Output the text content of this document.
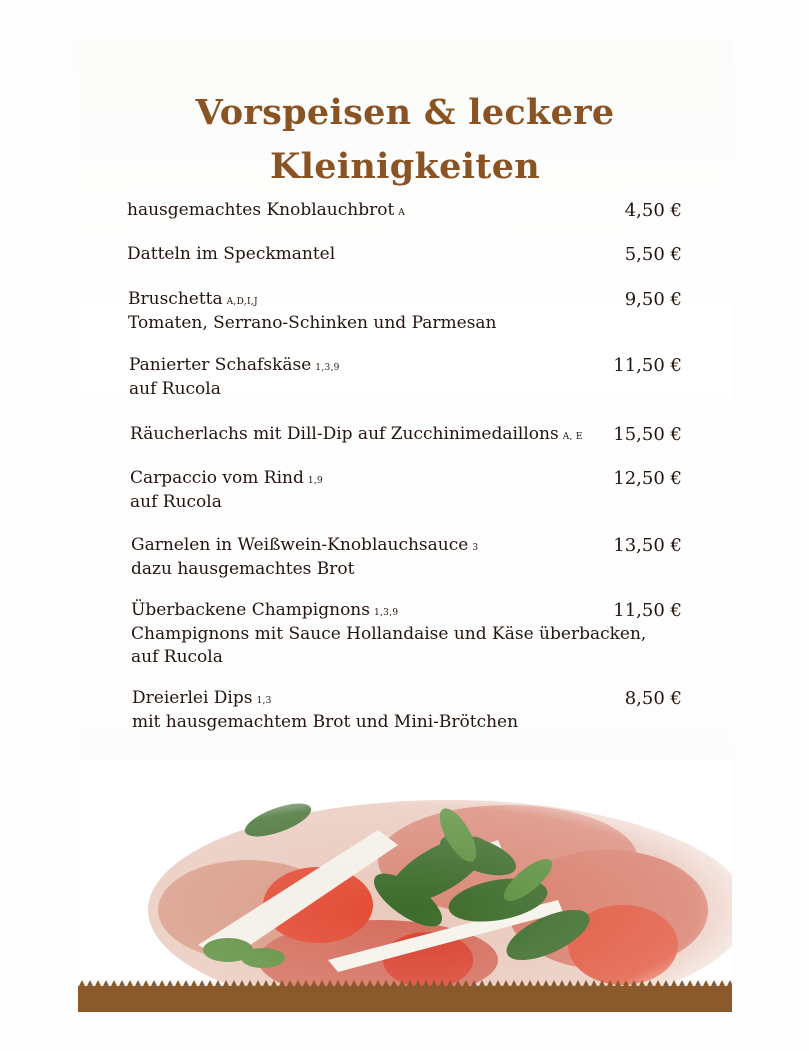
Vorspeisen & leckere
Kleinigkeiten
hausgemachtes Knoblauchbrot A	4,50 €
Datteln im Speckmantel	5,50 €
Bruschetta A,D,I,J	9,50 €
Tomaten, Serrano-Schinken und Parmesan
Panierter Schafskäse 1,3,9	11,50 €
auf Rucola
Räucherlachs mit Dill-Dip auf Zucchinimedaillons A, E 15,50 €
Carpaccio vom Rind 1,9	12,50 €
auf Rucola
Garnelen in Weißwein-Knoblauchsauce 3	13,50 €
dazu hausgemachtes Brot
Überbackene Champignons 1,3,9	11,50 €
Champignons mit Sauce Hollandaise und Käse überbacken,
auf Rucola
Dreierlei Dips 1,3	8,50 €
mit hausgemachtem Brot und Mini-Brötchen
